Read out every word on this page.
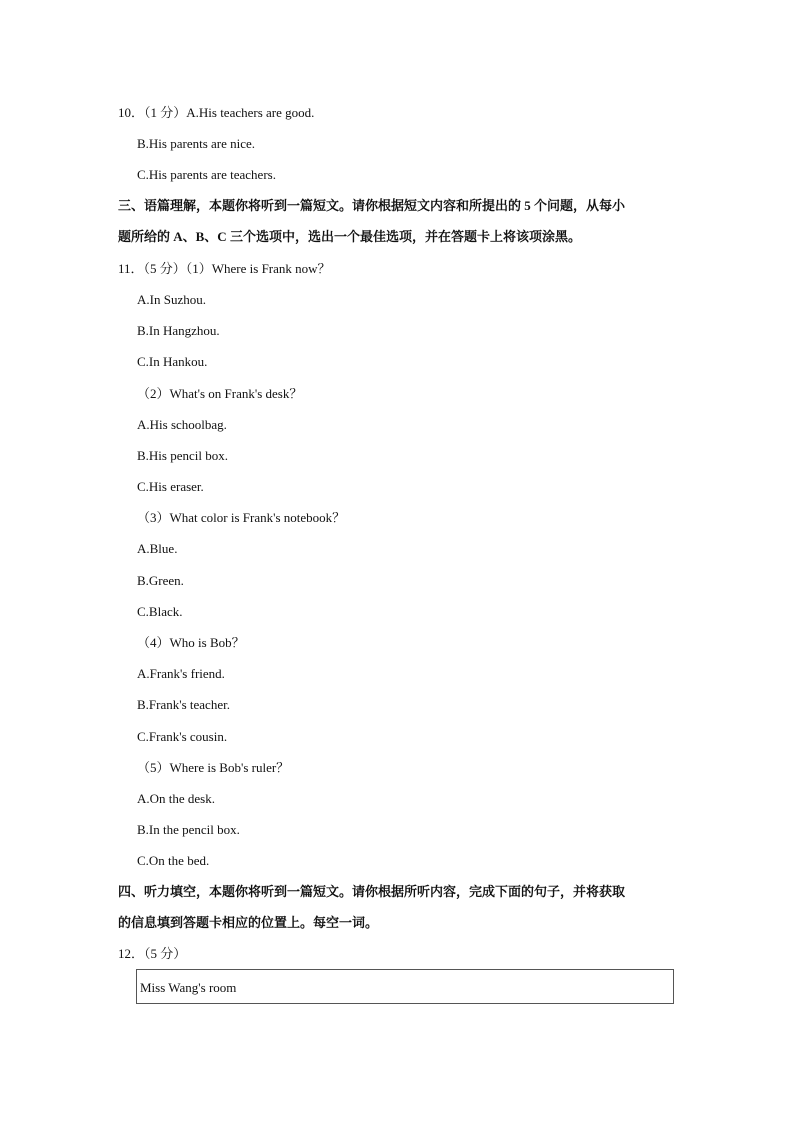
10．（1 分）A.His teachers are good.
B.His parents are nice.
C.His parents are teachers.
三、语篇理解，本题你将听到一篇短文。请你根据短文内容和所提出的 5 个问题，从每小
题所给的 A、B、C 三个选项中，选出一个最佳选项，并在答题卡上将该项涂黑。
11．（5 分）（1）Where is Frank now？
A.In Suzhou.
B.In Hangzhou.
C.In Hankou.
（2）What's on Frank's desk？
A.His schoolbag.
B.His pencil box.
C.His eraser.
（3）What color is Frank's notebook？
A.Blue.
B.Green.
C.Black.
（4）Who is Bob？
A.Frank's friend.
B.Frank's teacher.
C.Frank's cousin.
（5）Where is Bob's ruler？
A.On the desk.
B.In the pencil box.
C.On the bed.
四、听力填空，本题你将听到一篇短文。请你根据所听内容，完成下面的句子，并将获取
的信息填到答题卡相应的位置上。每空一词。
12．（5 分）
Miss Wang's room
